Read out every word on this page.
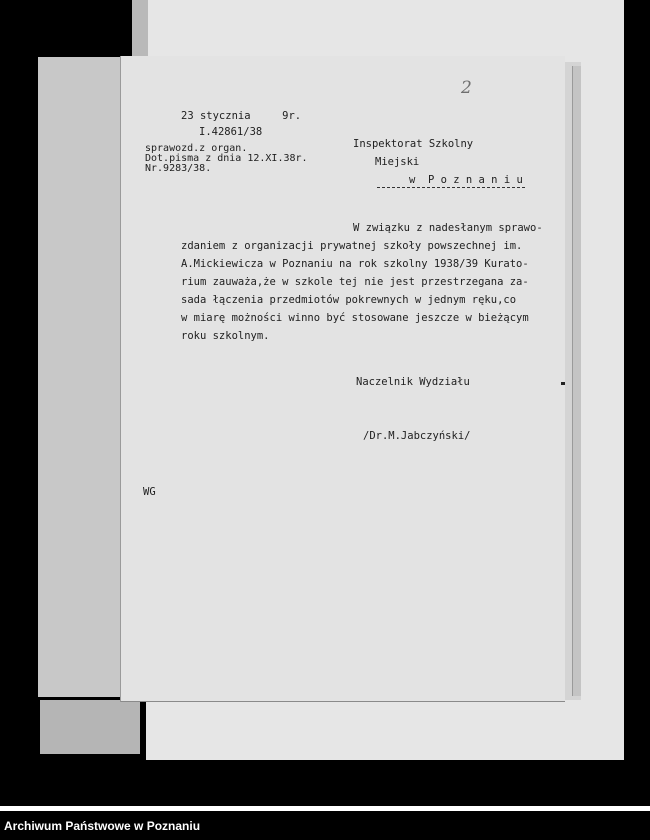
2

23 stycznia     9r.

I.42861/38

sprawozd.z organ.

Dot.pisma z dnia 12.XI.38r.

Nr.9283/38.

Inspektorat Szkolny

Miejski

w  P o z n a n i u

W związku z nadesłanym sprawo-

zdaniem z organizacji prywatnej szkoły powszechnej im.

A.Mickiewicza w Poznaniu na rok szkolny 1938/39 Kurato-

rium zauważa,że w szkole tej nie jest przestrzegana za-

sada łączenia przedmiotów pokrewnych w jednym ręku,co

w miarę możności winno być stosowane jeszcze w bieżącym

roku szkolnym.

Naczelnik Wydziału

/Dr.M.Jabczyński/

WG

Archiwum Państwowe w Poznaniu
